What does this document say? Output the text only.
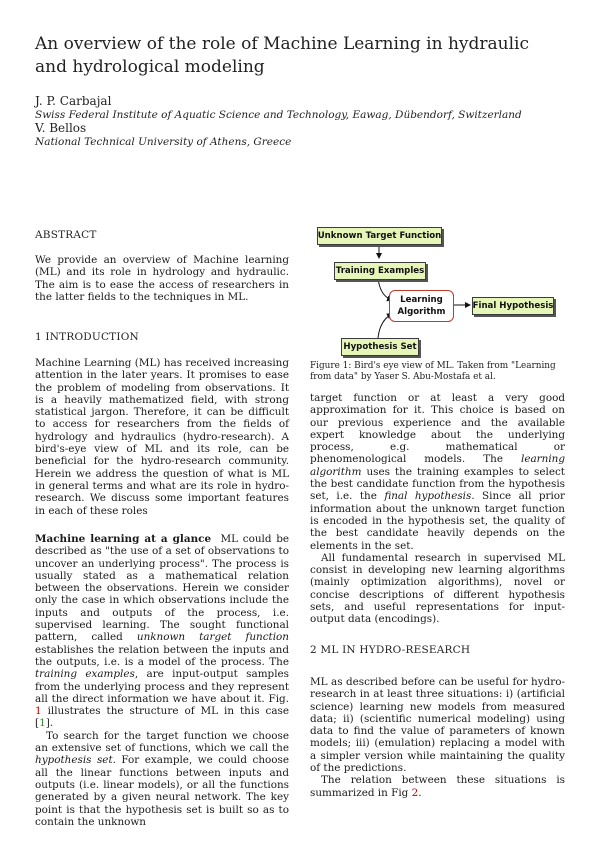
An overview of the role of Machine Learning in hydraulic and hydrological modeling
J. P. Carbajal
Swiss Federal Institute of Aquatic Science and Technology, Eawag, Dübendorf, Switzerland
V. Bellos
National Technical University of Athens, Greece
ABSTRACT

We provide an overview of Machine learning (ML) and its role in hydrology and hydraulic. The aim is to ease the access of researchers in the latter fields to the techniques in ML.

1 INTRODUCTION

Machine Learning (ML) has received increasing attention in the later years. It promises to ease the problem of modeling from observations. It is a heavily mathematized field, with strong statistical jargon. Therefore, it can be difficult to access for researchers from the fields of hydrology and hydraulics (hydro-research). A bird's-eye view of ML and its role, can be beneficial for the hydro-research community. Herein we address the question of what is ML in general terms and what are its role in hydro-research. We discuss some important features in each of these roles

Machine learning at a glance ML could be described as "the use of a set of observations to uncover an underlying process". The process is usually stated as a mathematical relation between the observations. Herein we consider only the case in which observations include the inputs and outputs of the process, i.e. supervised learning. The sought functional pattern, called unknown target function establishes the relation between the inputs and the outputs, i.e. is a model of the process. The training examples, are input-output samples from the underlying process and they represent all the direct information we have about it. Fig. 1 illustrates the structure of ML in this case [1].

To search for the target function we choose an extensive set of functions, which we call the hypothesis set. For example, we could choose all the linear functions between inputs and outputs (i.e. linear models), or all the functions generated by a given neural network. The key point is that the hypothesis set is built so as to contain the unknown

Unknown Target Function
Training Examples
Learning
Algorithm
Final Hypothesis
Hypothesis Set
Figure 1: Bird's eye view of ML. Taken from "Learning from data" by Yaser S. Abu-Mostafa et al.

target function or at least a very good approximation for it. This choice is based on our previous experience and the available expert knowledge about the underlying process, e.g. mathematical or phenomenological models. The learning algorithm uses the training examples to select the best candidate function from the hypothesis set, i.e. the final hypothesis. Since all prior information about the unknown target function is encoded in the hypothesis set, the quality of the best candidate heavily depends on the elements in the set.

All fundamental research in supervised ML consist in developing new learning algorithms (mainly optimization algorithms), novel or concise descriptions of different hypothesis sets, and useful representations for input-output data (encodings).

2 ML IN HYDRO-RESEARCH

ML as described before can be useful for hydro-research in at least three situations: i) (artificial science) learning new models from measured data; ii) (scientific numerical modeling) using data to find the value of parameters of known models; iii) (emulation) replacing a model with a simpler version while maintaining the quality of the predictions.

The relation between these situations is summarized in Fig 2.
